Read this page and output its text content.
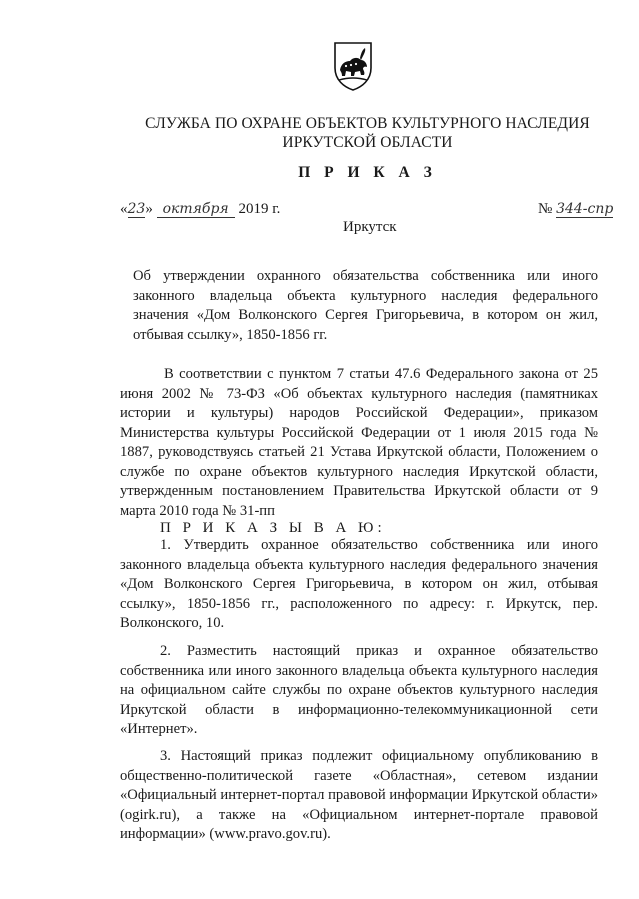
СЛУЖБА ПО ОХРАНЕ ОБЪЕКТОВ КУЛЬТУРНОГО НАСЛЕДИЯ
ИРКУТСКОЙ ОБЛАСТИ
П Р И К А З
«23» октября 2019 г.	№ 344-спр
Иркутск
Об утверждении охранного обязательства собственника или иного законного владельца объекта культурного наследия федерального значения «Дом Волконского Сергея Григорьевича, в котором он жил, отбывая ссылку», 1850-1856 гг.
В соответствии с пунктом 7 статьи 47.6 Федерального закона от 25 июня 2002 № 73-ФЗ «Об объектах культурного наследия (памятниках истории и культуры) народов Российской Федерации», приказом Министерства культуры Российской Федерации от 1 июля 2015 года № 1887, руководствуясь статьей 21 Устава Иркутской области, Положением о службе по охране объектов культурного наследия Иркутской области, утвержденным постановлением Правительства Иркутской области от 9 марта 2010 года № 31-пп
П Р И К А З Ы В А Ю:
1. Утвердить охранное обязательство собственника или иного законного владельца объекта культурного наследия федерального значения «Дом Волконского Сергея Григорьевича, в котором он жил, отбывая ссылку», 1850-1856 гг., расположенного по адресу: г. Иркутск, пер. Волконского, 10.
2. Разместить настоящий приказ и охранное обязательство собственника или иного законного владельца объекта культурного наследия на официальном сайте службы по охране объектов культурного наследия Иркутской области в информационно-телекоммуникационной сети «Интернет».
3. Настоящий приказ подлежит официальному опубликованию в общественно-политической газете «Областная», сетевом издании «Официальный интернет-портал правовой информации Иркутской области» (ogirk.ru), а также на «Официальном интернет-портале правовой информации» (www.pravo.gov.ru).
